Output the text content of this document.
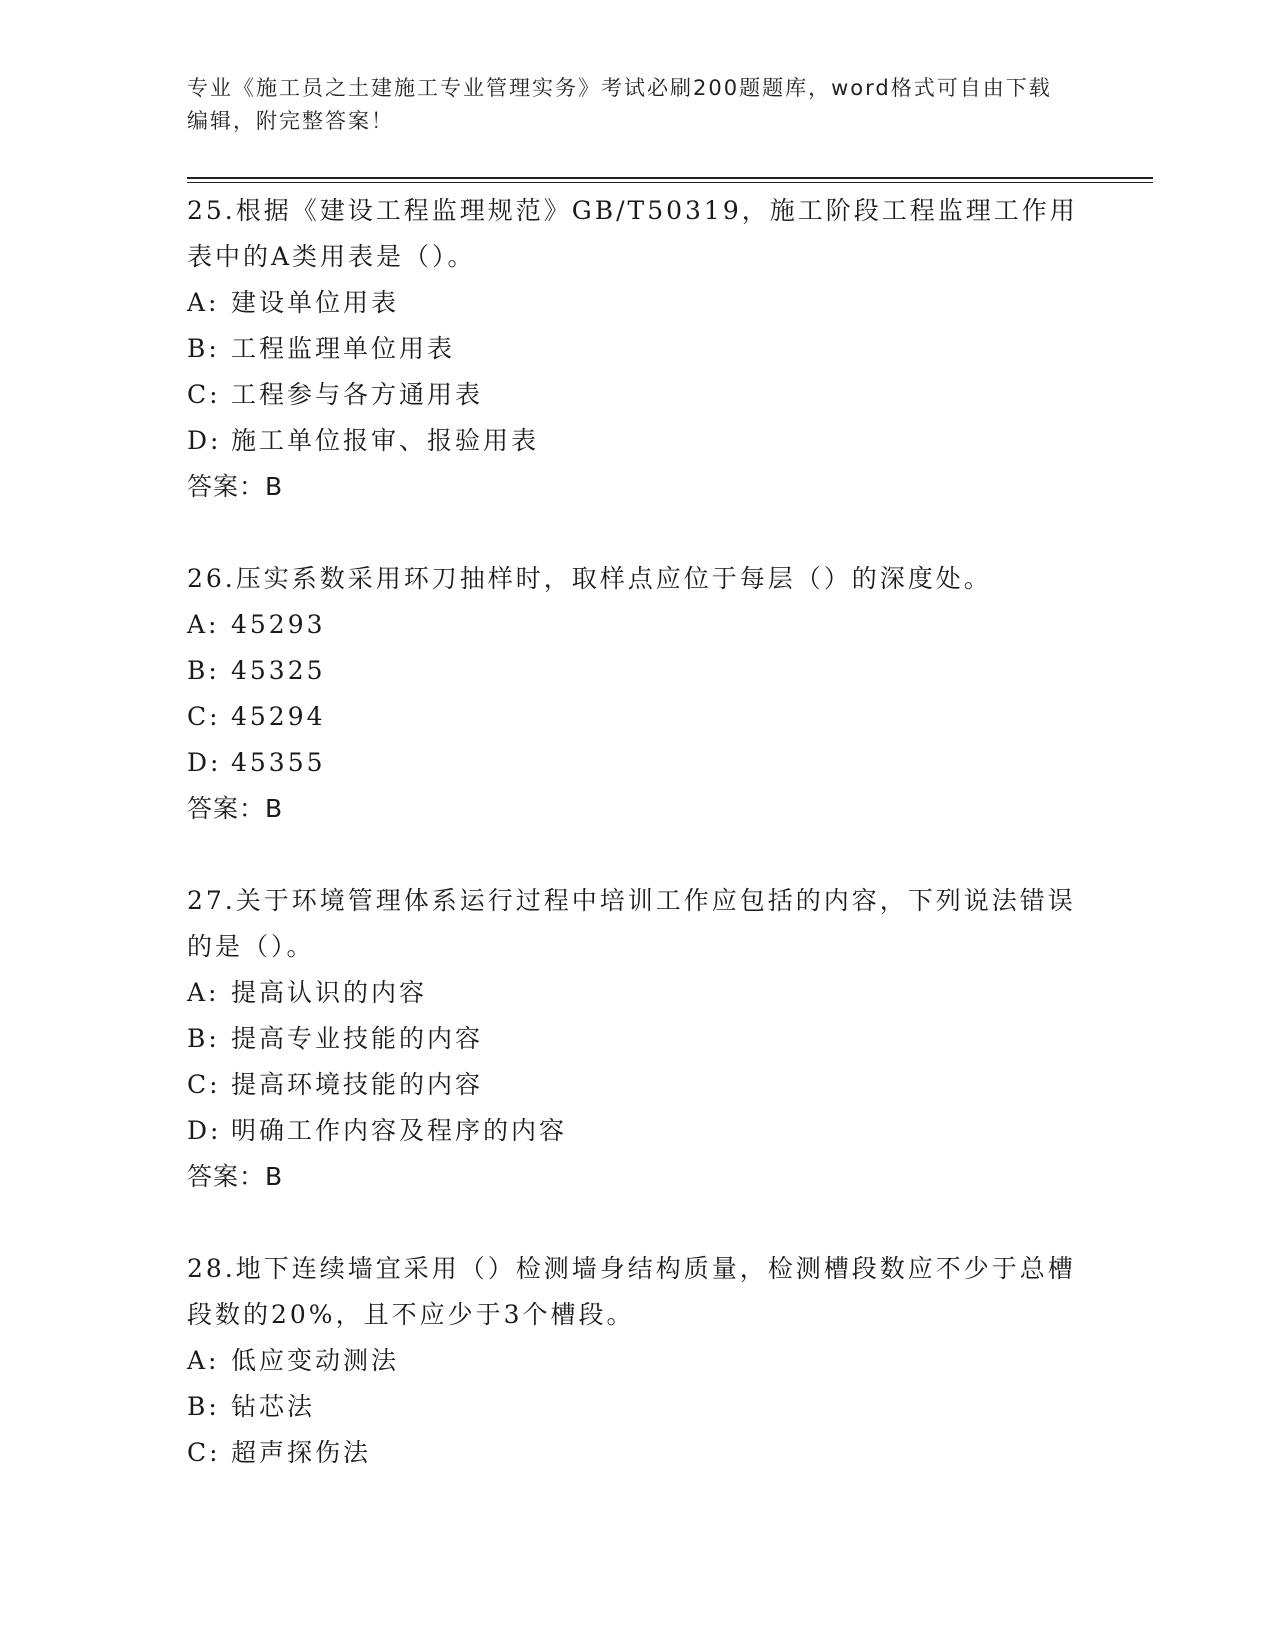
专业《施工员之土建施工专业管理实务》考试必刷200题题库，word格式可自由下载编辑，附完整答案！

25.根据《建设工程监理规范》GB/T50319，施工阶段工程监理工作用表中的A类用表是（）。

A: 建设单位用表

B: 工程监理单位用表

C: 工程参与各方通用表

D: 施工单位报审、报验用表

答案：B

26.压实系数采用环刀抽样时，取样点应位于每层（）的深度处。

A: 45293

B: 45325

C: 45294

D: 45355

答案：B

27.关于环境管理体系运行过程中培训工作应包括的内容，下列说法错误的是（）。

A: 提高认识的内容

B: 提高专业技能的内容

C: 提高环境技能的内容

D: 明确工作内容及程序的内容

答案：B

28.地下连续墙宜采用（）检测墙身结构质量，检测槽段数应不少于总槽段数的20%，且不应少于3个槽段。

A: 低应变动测法

B: 钻芯法

C: 超声探伤法
